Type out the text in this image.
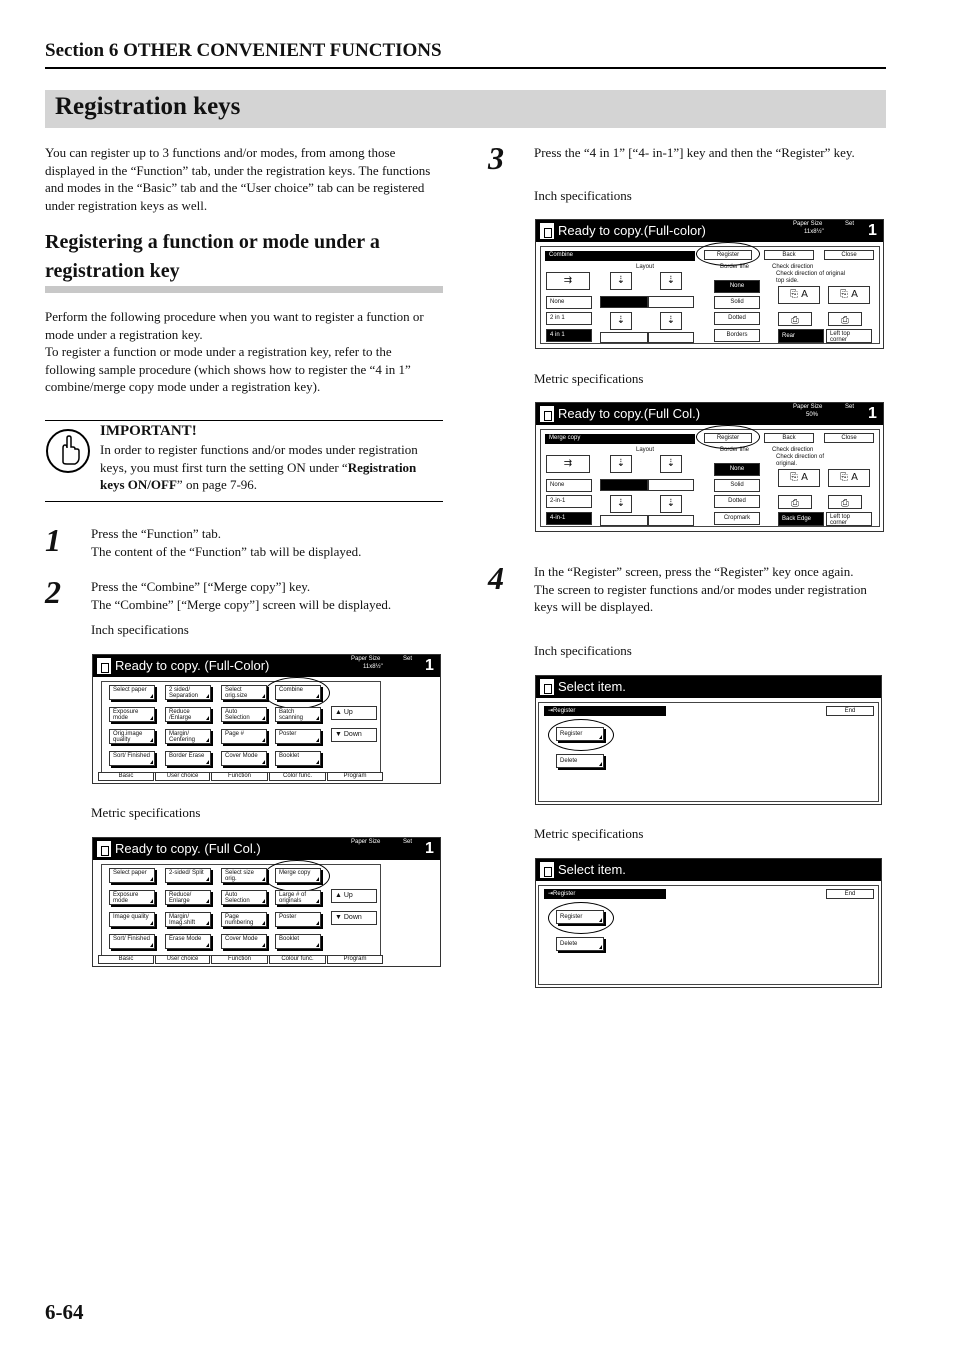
Section 6 OTHER CONVENIENT FUNCTIONS
Registration keys
You can register up to 3 functions and/or modes, from among those displayed in the “Function” tab, under the registration keys. The functions and modes in the “Basic” tab and the “User choice” tab can be registered under registration keys as well.
Registering a function or mode under a registration key
Perform the following procedure when you want to register a function or mode under a registration key.
To register a function or mode under a registration key, refer to the following sample procedure (which shows how to register the “4 in 1” combine/merge copy mode under a registration key).
IMPORTANT!
In order to register functions and/or modes under registration keys, you must first turn the setting ON under “Registration keys ON/OFF” on page 7-96.
1 Press the “Function” tab.
The content of the “Function” tab will be displayed.
2 Press the “Combine” [“Merge copy”] key.
The “Combine” [“Merge copy”] screen will be displayed.
Inch specifications
Ready to copy. (Full-Color)	Paper Size	Set
11x8½"	1
▲ Up
▼ Down
Select paper	2 sided/ Separation
Select orig.size
Combine
Exposure mode
Reduce /Enlarge
Auto Selection
Batch scanning
Orig.image quality
Margin/ Centering
Page #	Poster
Sort/ Finished	Border Erase	Cover Mode	Booklet
Basic	User choice	Function	Color func.	Program
Metric specifications
Ready to copy. (Full Col.)	Paper Size	Set 1
▲ Up
▼ Down
Select paper	2-sided/ Split	Select size orig.
Merge copy
Exposure mode
Reduce/ Enlarge
Auto Selection
Large # of originals
Image quality	Margin/ Imag.shift
Page numbering
Poster
Sort/ Finished	Erase Mode	Cover Mode	Booklet
Basic	User choice	Function	Colour func.	Program
3 Press the “4 in 1” [“4- in-1”] key and then the “Register” key.
Inch specifications
Ready to copy.(Full-color)	Paper Size	Set
11x8½"	1
Combine	Register	Back	Close
Layout	Border line	Check direction
Check direction of original top side.
None
2 in 1
4 in 1
⇉	⇣	⇣
⇣	⇣
None
Solid
Dotted
Borders
⎘ A	⎘ A
⎙	⎙
Rear	Left top corner
Metric specifications
Ready to copy.(Full Col.)	Paper Size	Set
50%	1
Merge copy	Register	Back	Close
Layout	Border line	Check direction
Check direction of original.
None
2-in-1
4-in-1
⇉	⇣	⇣
⇣	⇣
None
Solid
Dotted
Cropmark
⎘ A	⎘ A
⎙	⎙
Back Edge	Left top corner
4 In the “Register” screen, press the “Register” key once again.
The screen to register functions and/or modes under registration keys will be displayed.
Inch specifications
Select item.
⇥Register	End
Register
Delete
Metric specifications
Select item.
⇥Register	End
Register
Delete
6-64
